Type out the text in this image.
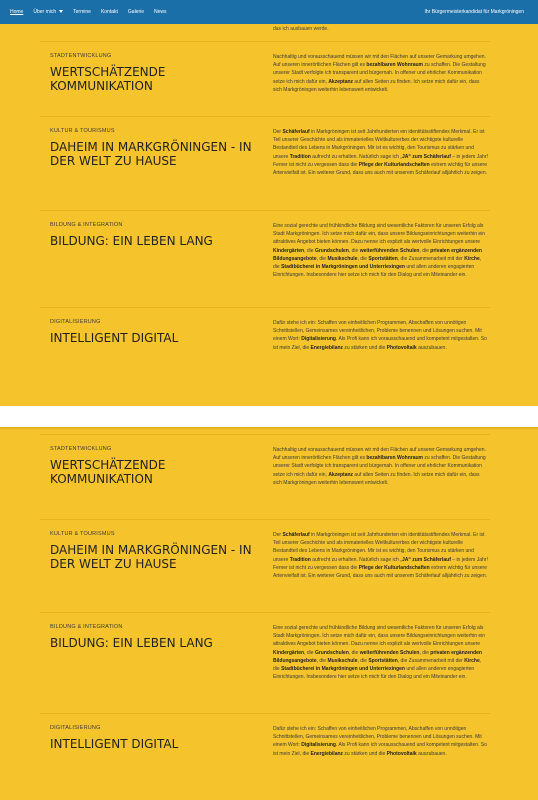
Home Über mich	Termine Kontakt Galerie News	Ihr Bürgermeisterkandidat für Markgröningen
das ich ausbauen werde.
STADTENTWICKLUNG
WERTSCHÄTZENDE KOMMUNIKATION
Nachhaltig und vorausschauend müssen wir mit den Flächen auf unserer Gemarkung umgehen. Auf unseren innerörtlichen Flächen gilt es bezahlbaren Wohnraum zu schaffen. Die Gestaltung unserer Stadt verfolgte ich transparent und bürgernah. In offener und ehrlicher Kommunikation setze ich mich dafür ein, Akzeptanz auf allen Seiten zu finden. Ich setze mich dafür ein, dass sich Markgröningen weiterhin lebenswert entwickelt.
KULTUR & TOURISMUS
DAHEIM IN MARKGRÖNINGEN - IN DER WELT ZU HAUSE
Der Schäferlauf in Markgröningen ist seit Jahrhunderten ein identitätsstiftendes Merkmal. Er ist Teil unserer Geschichte und als immaterielles Weltkulturerbes der wichtigste kulturelle Bestandteil des Lebens in Markgröningen. Mir ist es wichtig, den Tourismus zu stärken und unsere Tradition aufrecht zu erhalten. Natürlich sage ich „JA“ zum Schäferlauf – in jedem Jahr! Ferner ist nicht zu vergessen dass die Pflege der Kulturlandschaften extrem wichtig für unsere Artenvielfalt ist. Ein weiterer Grund, dass uns auch mit unserem Schäferlauf alljährlich zu zeigen.
BILDUNG & INTEGRATION
BILDUNG: EIN LEBEN LANG
Eine sozial gerechte und frühkindliche Bildung sind wesentliche Faktoren für unseren Erfolg als Stadt Markgröningen. Ich setze mich dafür ein, dass unsere Bildungseinrichtungen weiterhin ein attraktives Angebot bieten können. Dazu nenne ich explizit als wertvolle Einrichtungen unsere Kindergärten, die Grundschulen, die weiterführenden Schulen, die privaten ergänzenden Bildungsangebote, die Musikschule, die Sportstätten, die Zusammenarbeit mit der Kirche, die Stadtbücherei in Markgröningen und Unterriexingen und allen anderen engagierten Einrichtungen. Insbesondere hier setze ich mich für den Dialog und ein Miteinander ein.
DIGITALISIERUNG
INTELLIGENT DIGITAL
Dafür stehe ich ein: Schaffen von einheitlichen Programmen, Abschaffen von unnötigen Schnittstellen, Gemeinsames vereinheitlichen, Probleme benennen und Lösungen suchen. Mit einem Wort: Digitalisierung. Als Profi kann ich vorausschauend und kompetent mitgestalten. So ist mein Ziel, die Energiebilanz zu stärken und die Photovoltaik auszubauen.
STADTENTWICKLUNG
WERTSCHÄTZENDE KOMMUNIKATION
Nachhaltig und vorausschauend müssen wir mit den Flächen auf unserer Gemarkung umgehen. Auf unseren innerörtlichen Flächen gilt es bezahlbaren Wohnraum zu schaffen. Die Gestaltung unserer Stadt verfolgte ich transparent und bürgernah. In offener und ehrlicher Kommunikation setze ich mich dafür ein, Akzeptanz auf allen Seiten zu finden. Ich setze mich dafür ein, dass sich Markgröningen weiterhin lebenswert entwickelt.
KULTUR & TOURISMUS
DAHEIM IN MARKGRÖNINGEN - IN DER WELT ZU HAUSE
Der Schäferlauf in Markgröningen ist seit Jahrhunderten ein identitätsstiftendes Merkmal. Er ist Teil unserer Geschichte und als immaterielles Weltkulturerbes der wichtigste kulturelle Bestandteil des Lebens in Markgröningen. Mir ist es wichtig, den Tourismus zu stärken und unsere Tradition aufrecht zu erhalten. Natürlich sage ich „JA“ zum Schäferlauf – in jedem Jahr! Ferner ist nicht zu vergessen dass die Pflege der Kulturlandschaften extrem wichtig für unsere Artenvielfalt ist. Ein weiterer Grund, dass uns auch mit unserem Schäferlauf alljährlich zu zeigen.
BILDUNG & INTEGRATION
BILDUNG: EIN LEBEN LANG
Eine sozial gerechte und frühkindliche Bildung sind wesentliche Faktoren für unseren Erfolg als Stadt Markgröningen. Ich setze mich dafür ein, dass unsere Bildungseinrichtungen weiterhin ein attraktives Angebot bieten können. Dazu nenne ich explizit als wertvolle Einrichtungen unsere Kindergärten, die Grundschulen, die weiterführenden Schulen, die privaten ergänzenden Bildungsangebote, die Musikschule, die Sportstätten, die Zusammenarbeit mit der Kirche, die Stadtbücherei in Markgröningen und Unterriexingen und allen anderen engagierten Einrichtungen. Insbesondere hier setze ich mich für den Dialog und ein Miteinander ein.
DIGITALISIERUNG
INTELLIGENT DIGITAL
Dafür stehe ich ein: Schaffen von einheitlichen Programmen, Abschaffen von unnötigen Schnittstellen, Gemeinsames vereinheitlichen, Probleme benennen und Lösungen suchen. Mit einem Wort: Digitalisierung. Als Profi kann ich vorausschauend und kompetent mitgestalten. So ist mein Ziel, die Energiebilanz zu stärken und die Photovoltaik auszubauen.
